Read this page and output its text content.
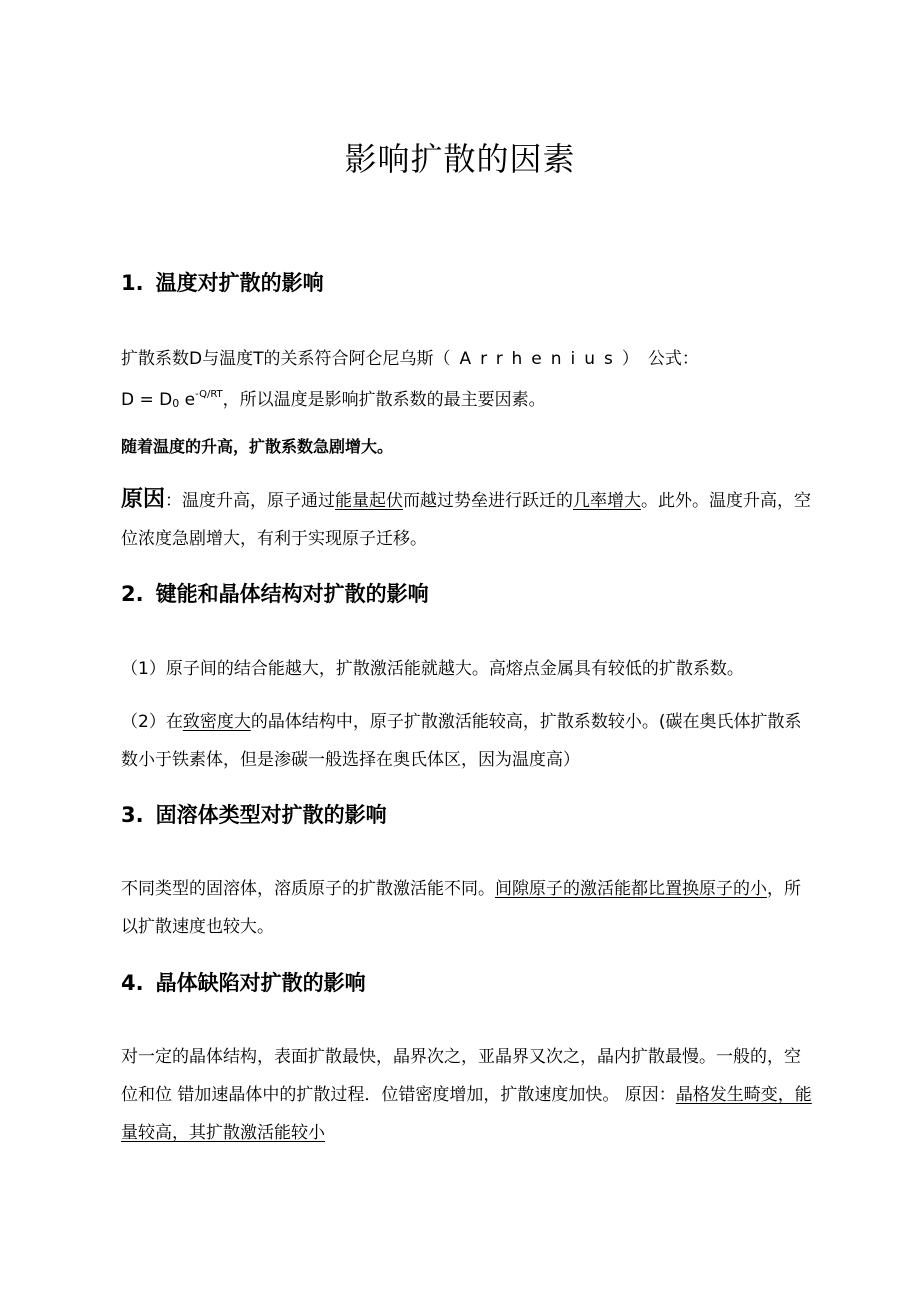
影响扩散的因素
1. 温度对扩散的影响

扩散系数D与温度T的关系符合阿仑尼乌斯（Arrhenius）公式：

$D = D_0$ $e^{-Q/RT}$，所以温度是影响扩散系数的最主要因素。

随着温度的升高，扩散系数急剧增大。

原因：温度升高，原子通过能量起伏而越过势垒进行跃迁的几率增大。此外。温度升高，空位浓度急剧增大，有利于实现原子迁移。

2. 键能和晶体结构对扩散的影响

（1）原子间的结合能越大，扩散激活能就越大。高熔点金属具有较低的扩散系数。

（2）在致密度大的晶体结构中，原子扩散激活能较高，扩散系数较小。(碳在奥氏体扩散系数小于铁素体，但是渗碳一般选择在奥氏体区，因为温度高）

3. 固溶体类型对扩散的影响

不同类型的固溶体，溶质原子的扩散激活能不同。间隙原子的激活能都比置换原子的小，所以扩散速度也较大。

4. 晶体缺陷对扩散的影响

对一定的晶体结构，表面扩散最快，晶界次之，亚晶界又次之，晶内扩散最慢。一般的，空位和位 错加速晶体中的扩散过程．位错密度增加，扩散速度加快。 原因：晶格发生畸变，能量较高，其扩散激活能较小
